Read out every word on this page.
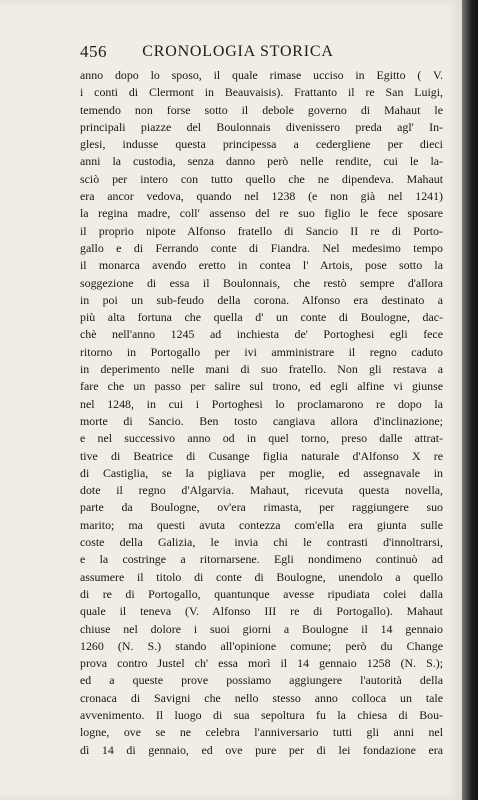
456	CRONOLOGIA STORICA
anno dopo lo sposo, il quale rimase ucciso in Egitto ( V.
i conti di Clermont in Beauvaisis). Frattanto il re San Luigi,
temendo non forse sotto il debole governo di Mahaut le
principali piazze del Boulonnais divenissero preda agl' In-
glesi, indusse questa principessa a cedergliene per dieci
anni la custodia, senza danno però nelle rendite, cui le la-
sciò per intero con tutto quello che ne dipendeva. Mahaut
era ancor vedova, quando nel 1238 (e non già nel 1241)
la regina madre, coll' assenso del re suo figlio le fece sposare
il proprio nipote Alfonso fratello di Sancio II re di Porto-
gallo e di Ferrando conte di Fiandra. Nel medesimo tempo
il monarca avendo eretto in contea l' Artois, pose sotto la
soggezione di essa il Boulonnais, che restò sempre d'allora
in poi un sub-feudo della corona. Alfonso era destinato a
più alta fortuna che quella d' un conte di Boulogne, dac-
chè nell'anno 1245 ad inchiesta de' Portoghesi egli fece
ritorno in Portogallo per ivi amministrare il regno caduto
in deperimento nelle mani di suo fratello. Non gli restava a
fare che un passo per salire sul trono, ed egli alfine vi giunse
nel 1248, in cui i Portoghesi lo proclamarono re dopo la
morte di Sancio. Ben tosto cangiava allora d'inclinazione;
e nel successivo anno od in quel torno, preso dalle attrat-
tive di Beatrice di Cusange figlia naturale d'Alfonso X re
di Castiglia, se la pigliava per moglie, ed assegnavale in
dote il regno d'Algarvia. Mahaut, ricevuta questa novella,
parte da Boulogne, ov'era rimasta, per raggiungere suo
marito; ma questi avuta contezza com'ella era giunta sulle
coste della Galizia, le invia chi le contrasti d'innoltrarsi,
e la costringe a ritornarsene. Egli nondimeno continuò ad
assumere il titolo di conte di Boulogne, unendolo a quello
di re di Portogallo, quantunque avesse ripudiata colei dalla
quale il teneva (V. Alfonso III re di Portogallo). Mahaut
chiuse nel dolore i suoi giorni a Boulogne il 14 gennaio
1260 (N. S.) stando all'opinione comune; però du Change
prova contro Justel ch' essa morì il 14 gennaio 1258 (N. S.);
ed a queste prove possiamo aggiungere l'autorità della
cronaca di Savigni che nello stesso anno colloca un tale
avvenimento. Il luogo di sua sepoltura fu la chiesa di Bou-
logne, ove se ne celebra l'anniversario tutti gli anni nel
dì 14 di gennaio, ed ove pure per di lei fondazione era
